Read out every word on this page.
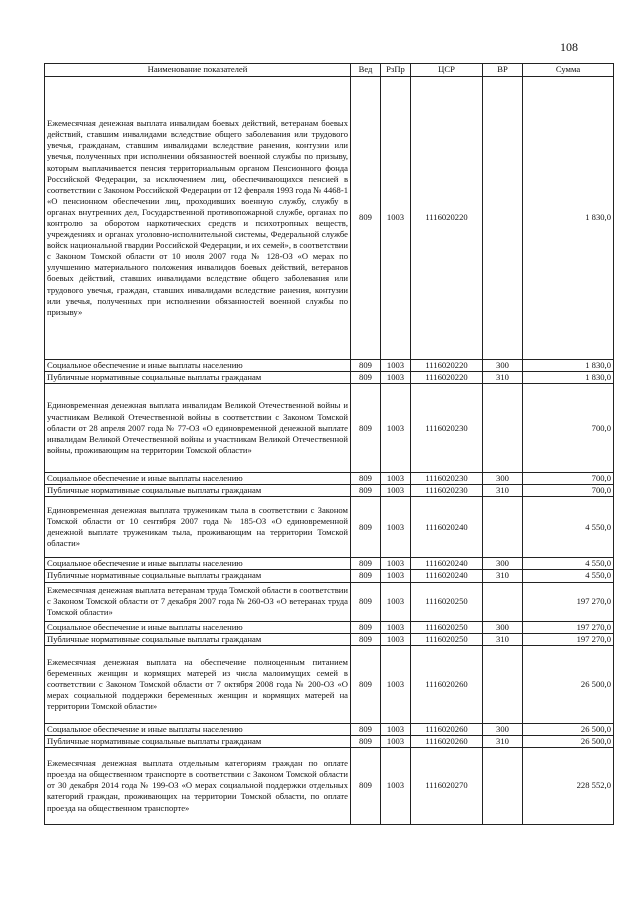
108
Наименование показателей	Вед	РзПр	ЦСР	ВР	Сумма
Ежемесячная денежная выплата инвалидам боевых действий, ветеранам боевых действий, ставшим инвалидами вследствие общего заболевания или трудового увечья, гражданам, ставшим инвалидами вследствие ранения, контузии или увечья, полученных при исполнении обязанностей военной службы по призыву, которым выплачивается пенсия территориальным органом Пенсионного фонда Российской Федерации, за исключением лиц, обеспечивающихся пенсией в соответствии с Законом Российской Федерации от 12 февраля 1993 года № 4468-1 «О пенсионном обеспечении лиц, проходивших военную службу, службу в органах внутренних дел, Государственной противопожарной службе, органах по контролю за оборотом наркотических средств и психотропных веществ, учреждениях и органах уголовно-исполнительной системы, Федеральной службе войск национальной гвардии Российской Федерации, и их семей», в соответствии с Законом Томской области от 10 июля 2007 года № 128-ОЗ «О мерах по улучшению материального положения инвалидов боевых действий, ветеранов боевых действий, ставших инвалидами вследствие общего заболевания или трудового увечья, граждан, ставших инвалидами вследствие ранения, контузии или увечья, полученных при исполнении обязанностей военной службы по призыву»	809	1003	1116020220		1 830,0
Социальное обеспечение и иные выплаты населению	809	1003	1116020220	300	1 830,0
Публичные нормативные социальные выплаты гражданам	809	1003	1116020220	310	1 830,0
Единовременная денежная выплата инвалидам Великой Отечественной войны и участникам Великой Отечественной войны в соответствии с Законом Томской области от 28 апреля 2007 года № 77-ОЗ «О единовременной денежной выплате инвалидам Великой Отечественной войны и участникам Великой Отечественной войны, проживающим на территории Томской области»	809	1003	1116020230		700,0
Социальное обеспечение и иные выплаты населению	809	1003	1116020230	300	700,0
Публичные нормативные социальные выплаты гражданам	809	1003	1116020230	310	700,0
Единовременная денежная выплата труженикам тыла в соответствии с Законом Томской области от 10 сентября 2007 года № 185-ОЗ «О единовременной денежной выплате труженикам тыла, проживающим на территории Томской области»	809	1003	1116020240		4 550,0
Социальное обеспечение и иные выплаты населению	809	1003	1116020240	300	4 550,0
Публичные нормативные социальные выплаты гражданам	809	1003	1116020240	310	4 550,0
Ежемесячная денежная выплата ветеранам труда Томской области в соответствии с Законом Томской области от 7 декабря 2007 года № 260-ОЗ «О ветеранах труда Томской области»	809	1003	1116020250		197 270,0
Социальное обеспечение и иные выплаты населению	809	1003	1116020250	300	197 270,0
Публичные нормативные социальные выплаты гражданам	809	1003	1116020250	310	197 270,0
Ежемесячная денежная выплата на обеспечение полноценным питанием беременных женщин и кормящих матерей из числа малоимущих семей в соответствии с Законом Томской области от 7 октября 2008 года № 200-ОЗ «О мерах социальной поддержки беременных женщин и кормящих матерей на территории Томской области»	809	1003	1116020260		26 500,0
Социальное обеспечение и иные выплаты населению	809	1003	1116020260	300	26 500,0
Публичные нормативные социальные выплаты гражданам	809	1003	1116020260	310	26 500,0
Ежемесячная денежная выплата отдельным категориям граждан по оплате проезда на общественном транспорте в соответствии с Законом Томской области от 30 декабря 2014 года № 199-ОЗ «О мерах социальной поддержки отдельных категорий граждан, проживающих на территории Томской области, по оплате проезда на общественном транспорте»	809	1003	1116020270		228 552,0
